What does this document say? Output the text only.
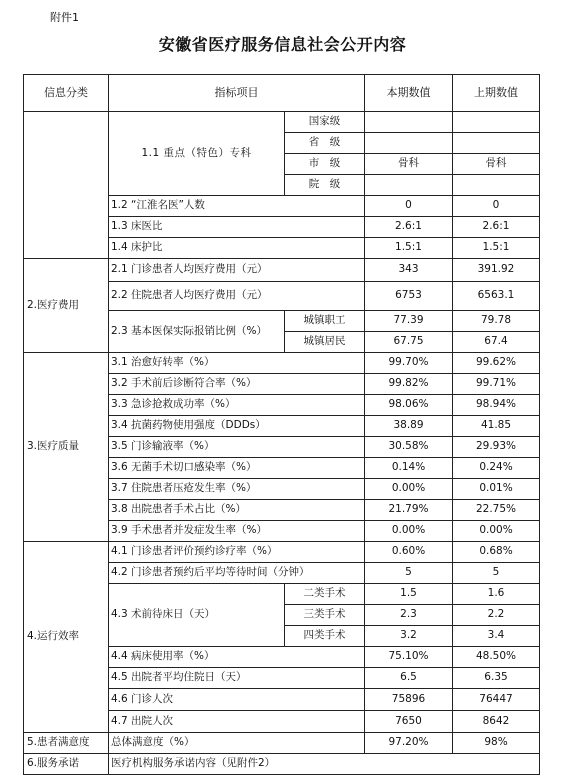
附件1
安徽省医疗服务信息社会公开内容
信息分类	指标项目		本期数值	上期数值
	1.1 重点（特色）专科	国家级		
		省　级		
		市　级	骨科	骨科
		院　级		
	1.2 “江淮名医”人数		0	0
	1.3 床医比		2.6:1	2.6:1
	1.4 床护比		1.5:1	1.5:1
2.医疗费用	2.1 门诊患者人均医疗费用（元）		343	391.92
	2.2 住院患者人均医疗费用（元）		6753	6563.1
	2.3 基本医保实际报销比例（%）	城镇职工	77.39	79.78
		城镇居民	67.75	67.4
3.医疗质量	3.1 治愈好转率（%）		99.70%	99.62%
	3.2 手术前后诊断符合率（%）		99.82%	99.71%
	3.3 急诊抢救成功率（%）		98.06%	98.94%
	3.4 抗菌药物使用强度（DDDs）		38.89	41.85
	3.5 门诊输液率（%）		30.58%	29.93%
	3.6 无菌手术切口感染率（%）		0.14%	0.24%
	3.7 住院患者压疮发生率（%）		0.00%	0.01%
	3.8 出院患者手术占比（%）		21.79%	22.75%
	3.9 手术患者并发症发生率（%）		0.00%	0.00%
4.运行效率	4.1 门诊患者评价预约诊疗率（%）		0.60%	0.68%
	4.2 门诊患者预约后平均等待时间（分钟）		5	5
	4.3 术前待床日（天）	二类手术	1.5	1.6
		三类手术	2.3	2.2
		四类手术	3.2	3.4
	4.4 病床使用率（%）		75.10%	48.50%
	4.5 出院者平均住院日（天）		6.5	6.35
	4.6 门诊人次		75896	76447
	4.7 出院人次		7650	8642
5.患者满意度	总体满意度（%）		97.20%	98%
6.服务承诺	医疗机构服务承诺内容（见附件2）			
